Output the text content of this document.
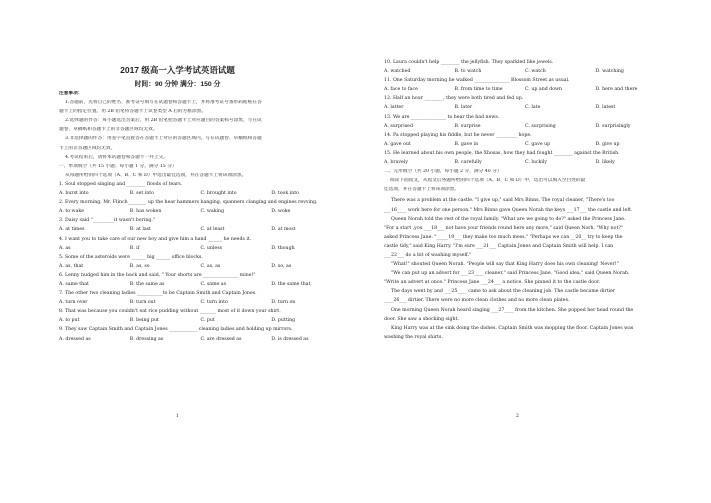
2017 级高一入学考试英语试题
时间：90 分钟 满分：150 分
1
注意事项：
1.答题前，先将自己的姓名、准考证号填写在试题卷和答题卡上，并将准考证号条形码粘贴在答
题卡上的指定位置。用 2B 铅笔将答题卡上试卷类型 A 后的方框涂黑。
2.选择题的作答：每小题选出答案后，用 2B 铅笔把答题卡上对应题目的答案标号涂黑，写在试
题卷、草稿纸和答题卡上的非答题区域均无效。
3.非选择题的作答：用签字笔直接答在答题卡上对应的答题区域内。写在试题卷、草稿纸和答题
卡上的非答题区域均无效。
4.考试结束后，请将本试题卷和答题卡一并上交。
一、单项填空（共 15 小题；每小题 1 分，满分 15 分）
从每题所给的四个选项（A、B、C 和 D）中选出最佳选项，并在答题卡上将该项涂黑。
1. Soul stopped singing and ________ floods of tears.
A. burst into	B. set into	C. brought into	D. took into
2. Every morning, Mr. Flinch________ up the hear hammers banging, spanners clanging and engines revving.
A. to wake	B. has woken	C. waking	D. woke
3. Daisy said "_________it wasn't boring."
A. at times	B. at last	C. at least	D. at most
4. I want you to take care of our new boy and give him a hand ______ he needs it.
A. as	B. if	C. unless	D. though
5. Some of the asteroids were ______ big ______ office blocks.
A. as, that	B. as, so	C. as, as	D. so, as
6. Lenny nudged him in the back and said, " Your shorts are _______________ mine!"
A. same that	B. the same as	C. same as	D. the same that
7. The other two cleaning ladies ___________to be Captain Smith and Captain Jones.
A. turn over	B. turn out	C. turn into	D. turn on
8. That was because you couldn't eat rice pudding without _______ most of it down your shirt.
A. to put	B. being put	C. put	D. putting
9. They saw Captain Smith and Captain Jones ____________ cleaning ladies and holding up mirrors.
A. dressed as	B. dressing as	C. are dressed as	D. is dressed as
10. Laura couldn't help ________ the jellyfish. They sparkled like jewels.
A. watched	B. to watch	C. watch	D. watching
11. One Saturday morning he walked _______________ Blossom Street as usual.
A. face to face	B. from time to time	C. up and down	D. here and there
12. Half an hour ________, they were both tired and fed up.
A. latter	B. later	C. late	D. latest
13. We are _______________ to hear the bad news.
A. surprised	B. surprise	C. surprising	D. surprisingly
14. Pa stopped playing his fiddle, but he never _________ hope.
A. gave out	B. gave in	C. gave up	D. give up
15. He learned about his own people, the Xhosas, how they had fought ________ against the British.
A. bravely	B. carefully	C. luckily	D. likely
二、完形填空（共 20 小题，每小题 2 分，满分 40 分）
阅读下面短文，从短文后各题所给的四个选项（A、B、C 和 D）中，选出可以填入空白处的最
佳选项，并在答题卡上将该项涂黑。
There was a problem at the castle. "I give up," said Mrs Binns, The royal cleaner, "There's too
___16____ work here for one person." Mrs Binns gave Queen Norah the keys ___17___ the castle and left.
Queen Norah told the rest of the royal family. "What are we going to do?" asked the Princess Jane.
"For a start ,you ___18___ not have your friends round here any more," said Queen Norh. "Why not?"
asked Princess Jane. "_____19___ they make too much mess." "Perhaps we can __20__ try to keep the
castle tidy," said King Harry. "I'm sure ___21___ Captain Jones and Captain Smith will help. I can
___22___ do a bit of washing myself."
"What!" shouted Queen Norah. "People will say that King Harry does his own cleaning! Never!"
"We can put up an advert for ___23____ cleaner," said Princess Jane. "Good idea," said Queen Norah.
"Write an advert at once." Princess Jane ___24___ a notice. She pinned it to the castle door.
The days went by and ___25____ came to ask about the cleaning job. The castle became dirtier
____26___ dirtier. There were no more clean clothes and no more clean plates.
One morning Queen Norah heard singing ___27____ from the kitchen. She popped her head round the
door. She saw a shocking sight.
King Harry was at the sink doing the dishes. Captain Smith was mopping the floor. Captain Jones was
washing the royal shirts.
2
